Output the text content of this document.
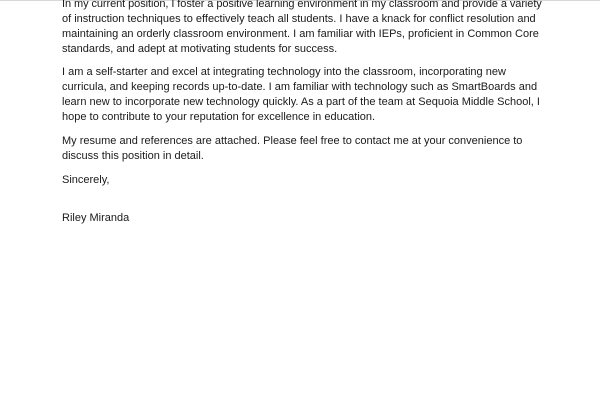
In my current position, I foster a positive learning environment in my classroom and provide a variety
of instruction techniques to effectively teach all students. I have a knack for conflict resolution and
maintaining an orderly classroom environment. I am familiar with IEPs, proficient in Common Core
standards, and adept at motivating students for success.
I am a self-starter and excel at integrating technology into the classroom, incorporating new
curricula, and keeping records up-to-date. I am familiar with technology such as SmartBoards and
learn new to incorporate new technology quickly. As a part of the team at Sequoia Middle School, I
hope to contribute to your reputation for excellence in education.
My resume and references are attached. Please feel free to contact me at your convenience to
discuss this position in detail.
Sincerely,
Riley Miranda
